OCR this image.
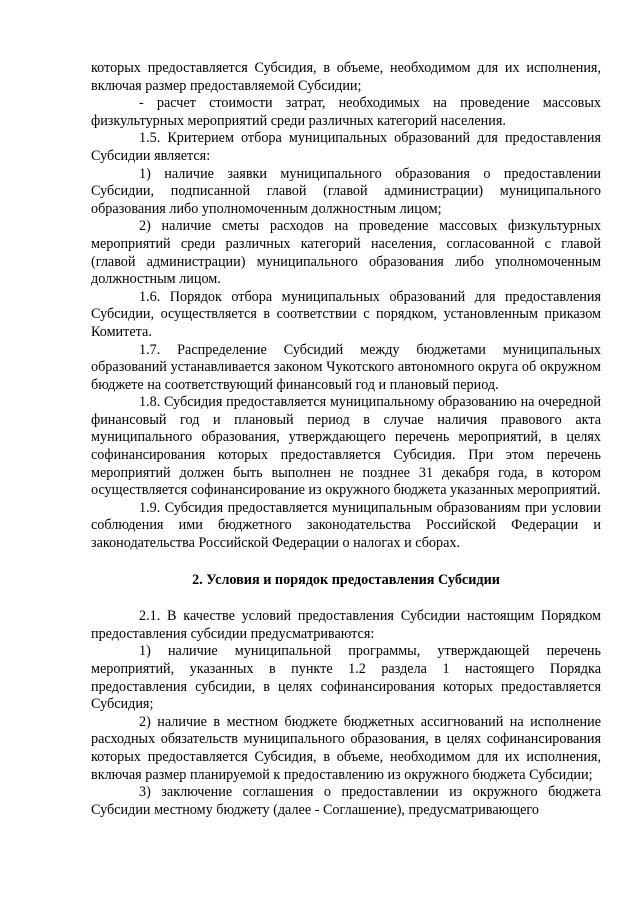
которых предоставляется Субсидия, в объеме, необходимом для их исполнения, включая размер предоставляемой Субсидии;

- расчет стоимости затрат, необходимых на проведение массовых физкультурных мероприятий среди различных категорий населения.

1.5. Критерием отбора муниципальных образований для предоставления Субсидии является:

1) наличие заявки муниципального образования о предоставлении Субсидии, подписанной главой (главой администрации) муниципального образования либо уполномоченным должностным лицом;

2) наличие сметы расходов на проведение массовых физкультурных мероприятий среди различных категорий населения, согласованной с главой (главой администрации) муниципального образования либо уполномоченным должностным лицом.

1.6. Порядок отбора муниципальных образований для предоставления Субсидии, осуществляется в соответствии с порядком, установленным приказом Комитета.

1.7. Распределение Субсидий между бюджетами муниципальных образований устанавливается законом Чукотского автономного округа об окружном бюджете на соответствующий финансовый год и плановый период.

1.8. Субсидия предоставляется муниципальному образованию на очередной финансовый год и плановый период в случае наличия правового акта муниципального образования, утверждающего перечень мероприятий, в целях софинансирования которых предоставляется Субсидия. При этом перечень мероприятий должен быть выполнен не позднее 31 декабря года, в котором осуществляется софинансирование из окружного бюджета указанных мероприятий.

1.9. Субсидия предоставляется муниципальным образованиям при условии соблюдения ими бюджетного законодательства Российской Федерации и законодательства Российской Федерации о налогах и сборах.

2. Условия и порядок предоставления Субсидии

2.1. В качестве условий предоставления Субсидии настоящим Порядком предоставления субсидии предусматриваются:

1) наличие муниципальной программы, утверждающей перечень мероприятий, указанных в пункте 1.2 раздела 1 настоящего Порядка предоставления субсидии, в целях софинансирования которых предоставляется Субсидия;

2) наличие в местном бюджете бюджетных ассигнований на исполнение расходных обязательств муниципального образования, в целях софинансирования которых предоставляется Субсидия, в объеме, необходимом для их исполнения, включая размер планируемой к предоставлению из окружного бюджета Субсидии;

3) заключение соглашения о предоставлении из окружного бюджета Субсидии местному бюджету (далее - Соглашение), предусматривающего
